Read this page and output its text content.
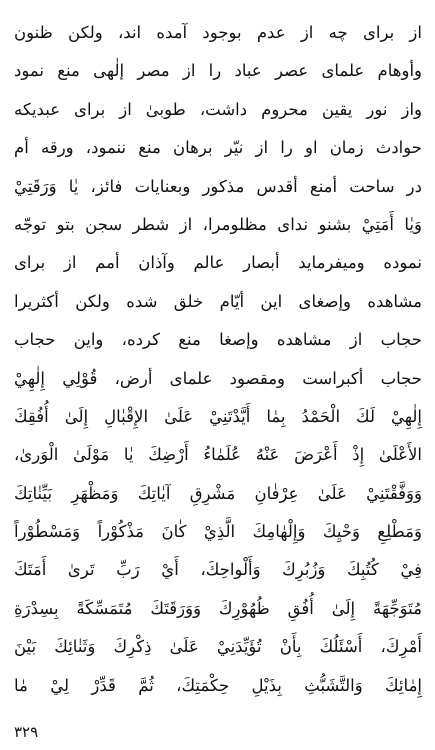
از برای چه از عدم بوجود آمده اند، ولکن ظنون
وأوهام علمای عصر عباد را از مصر إلٰهی منع نمود
واز نور یقین محروم داشت، طوبیٰ از برای عبدیکه
حوادث زمان او را از نیّر برهان منع ننمود، ورقه أم
در ساحت أمنع أقدس مذکور وبعنایات فائز، یٰا وَرَقَتِيْ
وَيٰا أَمَتِيْ بشنو ندای مظلومرا، از شطر سجن بتو توجّه
نموده ومیفرماید أبصار عالم وآذان أمم از برای
مشاهده وإصغای این أیّام خلق شده ولکن أکثریرا
حجاب از مشاهده وإصغا منع کرده، واین حجاب
حجاب أکبراست ومقصود علمای أرض، قُوْلِي إِلٰهِيْ
إِلٰهِيْ لَكَ الْحَمْدُ بِمٰا أَيَّدْتَنِيْ عَلَىٰ الإِقْبٰالِ إِلَىٰ أُفُقِكَ
الأَعْلَىٰ إِذْ أَعْرَضَ عَنْهُ عُلَمٰاءُ أَرْضِكَ يٰا مَوْلَىٰ الْوَرىٰ،
وَوَفَّقْتَنِيْ عَلَىٰ عِرْفٰانِ مَشْرِقِ آيٰاتِكَ وَمَظْهَرِ بَيِّنٰاتِكَ
وَمَطْلِعِ وَحْيِكَ وَإِلْهٰامِكَ الَّذِيْ كٰانَ مَذْكُوْراً وَمَسْطُوْراً
فِيْ كُتُبِكَ وَزُبُرِكَ وَأَلْواحِكَ، أَيْ رَبِّ تَرىٰ أَمَتَكَ
مُتَوَجِّهَةً إِلَىٰ أُفُقِ ظُهُوْرِكَ وَوَرَقَتَكَ مُتَمَسِّكَةً بِسِدْرَةِ
أَمْرِكَ، أَسْئَلُكَ بِأَنْ تُؤَيِّدَنِيْ عَلَىٰ ذِكْرِكَ وَثَنٰائِكَ بَيْنَ
إِمٰائِكَ وَالتَّشَبُّثِ بِذَيْلِ حِكْمَتِكَ، ثُمَّ قَدِّرْ لِيْ مٰا
۳۲۹
